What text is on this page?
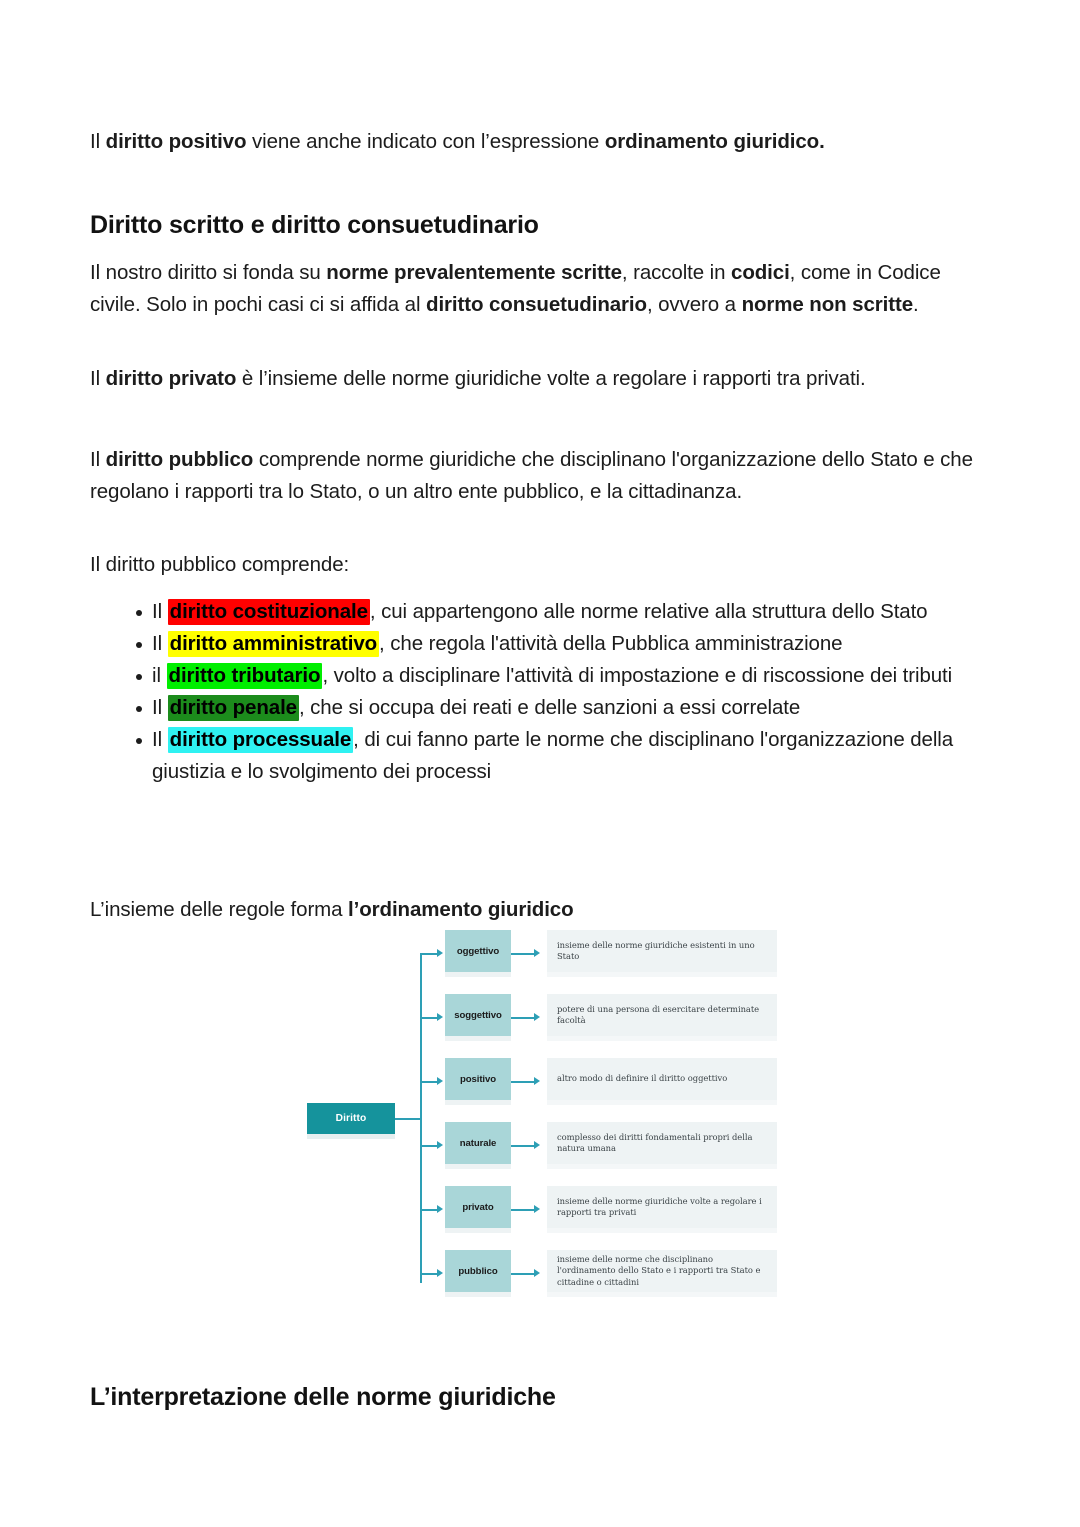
Il diritto positivo viene anche indicato con l’espressione ordinamento giuridico.

Diritto scritto e diritto consuetudinario

Il nostro diritto si fonda su norme prevalentemente scritte, raccolte in codici, come in Codice civile. Solo in pochi casi ci si affida al diritto consuetudinario, ovvero a norme non scritte.

Il diritto privato è l’insieme delle norme giuridiche volte a regolare i rapporti tra privati.

Il diritto pubblico comprende norme giuridiche che disciplinano l'organizzazione dello Stato e che regolano i rapporti tra lo Stato, o un altro ente pubblico, e la cittadinanza.

Il diritto pubblico comprende:

Il diritto costituzionale, cui appartengono alle norme relative alla struttura dello Stato
Il diritto amministrativo, che regola l'attività della Pubblica amministrazione
il diritto tributario, volto a disciplinare l'attività di impostazione e di riscossione dei tributi
Il diritto penale, che si occupa dei reati e delle sanzioni a essi correlate
Il diritto processuale, di cui fanno parte le norme che disciplinano l'organizzazione della giustizia e lo svolgimento dei processi

L’insieme delle regole forma l’ordinamento giuridico

Diritto
oggettivo
insieme delle norme giuridiche esistenti in uno Stato
soggettivo
potere di una persona di esercitare determinate facoltà
positivo	altro modo di definire il diritto oggettivo
naturale
complesso dei diritti fondamentali propri della natura umana
privato
insieme delle norme giuridiche volte a regolare i rapporti tra privati
pubblico
insieme delle norme che disciplinano l'ordinamento dello Stato e i rapporti tra Stato e cittadine o cittadini
L’interpretazione delle norme giuridiche
